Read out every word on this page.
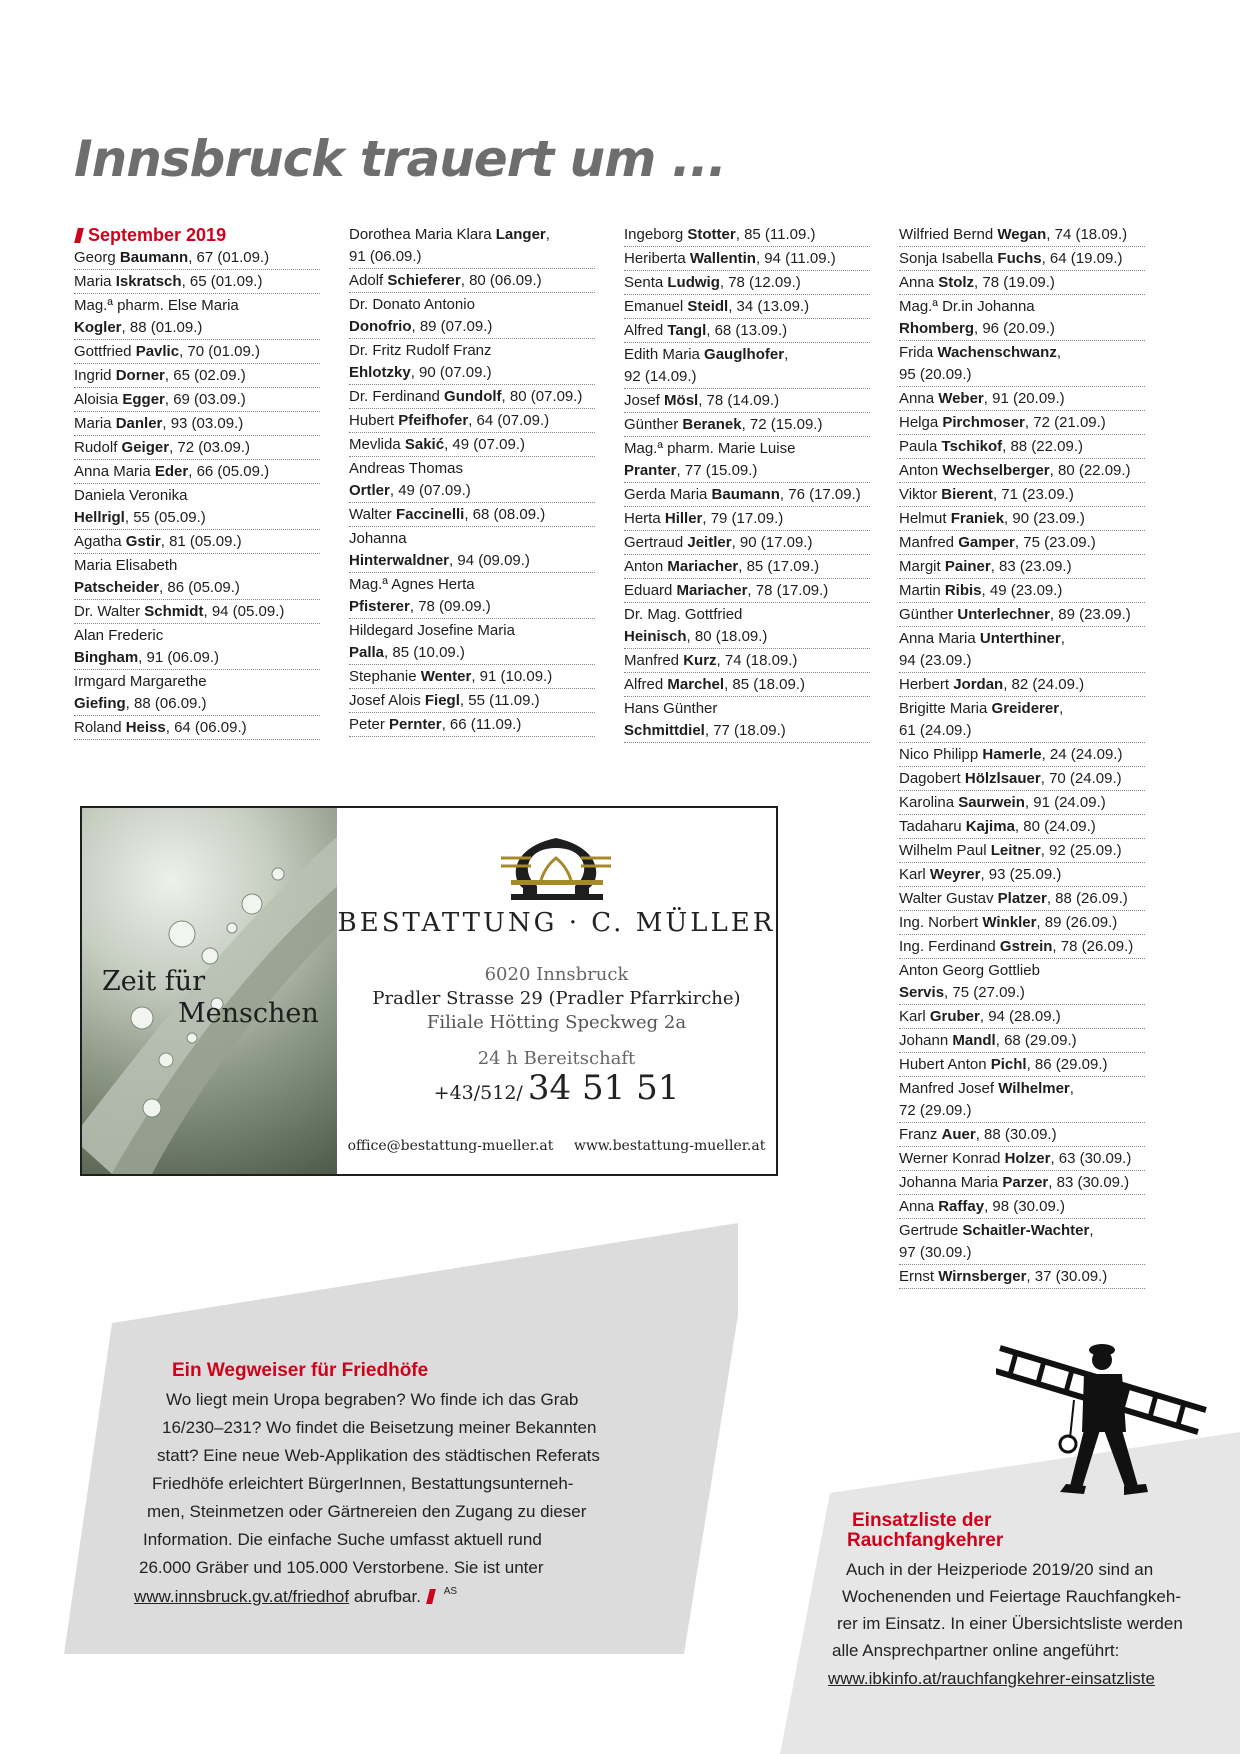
Innsbruck trauert um ...
September 2019
Georg Baumann, 67 (01.09.)
Maria Iskratsch, 65 (01.09.)
Mag.ª pharm. Else Maria
Kogler, 88 (01.09.)
Gottfried Pavlic, 70 (01.09.)
Ingrid Dorner, 65 (02.09.)
Aloisia Egger, 69 (03.09.)
Maria Danler, 93 (03.09.)
Rudolf Geiger, 72 (03.09.)
Anna Maria Eder, 66 (05.09.)
Daniela Veronika
Hellrigl, 55 (05.09.)
Agatha Gstir, 81 (05.09.)
Maria Elisabeth
Patscheider, 86 (05.09.)
Dr. Walter Schmidt, 94 (05.09.)
Alan Frederic
Bingham, 91 (06.09.)
Irmgard Margarethe
Giefing, 88 (06.09.)
Roland Heiss, 64 (06.09.)
Dorothea Maria Klara Langer,
91 (06.09.)
Adolf Schieferer, 80 (06.09.)
Dr. Donato Antonio
Donofrio, 89 (07.09.)
Dr. Fritz Rudolf Franz
Ehlotzky, 90 (07.09.)
Dr. Ferdinand Gundolf, 80 (07.09.)
Hubert Pfeifhofer, 64 (07.09.)
Mevlida Sakić, 49 (07.09.)
Andreas Thomas
Ortler, 49 (07.09.)
Walter Faccinelli, 68 (08.09.)
Johanna
Hinterwaldner, 94 (09.09.)
Mag.ª Agnes Herta
Pfisterer, 78 (09.09.)
Hildegard Josefine Maria
Palla, 85 (10.09.)
Stephanie Wenter, 91 (10.09.)
Josef Alois Fiegl, 55 (11.09.)
Peter Pernter, 66 (11.09.)
Ingeborg Stotter, 85 (11.09.)
Heriberta Wallentin, 94 (11.09.)
Senta Ludwig, 78 (12.09.)
Emanuel Steidl, 34 (13.09.)
Alfred Tangl, 68 (13.09.)
Edith Maria Gauglhofer,
92 (14.09.)
Josef Mösl, 78 (14.09.)
Günther Beranek, 72 (15.09.)
Mag.ª pharm. Marie Luise
Pranter, 77 (15.09.)
Gerda Maria Baumann, 76 (17.09.)
Herta Hiller, 79 (17.09.)
Gertraud Jeitler, 90 (17.09.)
Anton Mariacher, 85 (17.09.)
Eduard Mariacher, 78 (17.09.)
Dr. Mag. Gottfried
Heinisch, 80 (18.09.)
Manfred Kurz, 74 (18.09.)
Alfred Marchel, 85 (18.09.)
Hans Günther
Schmittdiel, 77 (18.09.)
Wilfried Bernd Wegan, 74 (18.09.)
Sonja Isabella Fuchs, 64 (19.09.)
Anna Stolz, 78 (19.09.)
Mag.ª Dr.in Johanna
Rhomberg, 96 (20.09.)
Frida Wachenschwanz,
95 (20.09.)
Anna Weber, 91 (20.09.)
Helga Pirchmoser, 72 (21.09.)
Paula Tschikof, 88 (22.09.)
Anton Wechselberger, 80 (22.09.)
Viktor Bierent, 71 (23.09.)
Helmut Franiek, 90 (23.09.)
Manfred Gamper, 75 (23.09.)
Margit Painer, 83 (23.09.)
Martin Ribis, 49 (23.09.)
Günther Unterlechner, 89 (23.09.)
Anna Maria Unterthiner,
94 (23.09.)
Herbert Jordan, 82 (24.09.)
Brigitte Maria Greiderer,
61 (24.09.)
Nico Philipp Hamerle, 24 (24.09.)
Dagobert Hölzlsauer, 70 (24.09.)
Karolina Saurwein, 91 (24.09.)
Tadaharu Kajima, 80 (24.09.)
Wilhelm Paul Leitner, 92 (25.09.)
Karl Weyrer, 93 (25.09.)
Walter Gustav Platzer, 88 (26.09.)
Ing. Norbert Winkler, 89 (26.09.)
Ing. Ferdinand Gstrein, 78 (26.09.)
Anton Georg Gottlieb
Servis, 75 (27.09.)
Karl Gruber, 94 (28.09.)
Johann Mandl, 68 (29.09.)
Hubert Anton Pichl, 86 (29.09.)
Manfred Josef Wilhelmer,
72 (29.09.)
Franz Auer, 88 (30.09.)
Werner Konrad Holzer, 63 (30.09.)
Johanna Maria Parzer, 83 (30.09.)
Anna Raffay, 98 (30.09.)
Gertrude Schaitler-Wachter,
97 (30.09.)
Ernst Wirnsberger, 37 (30.09.)
Zeit für
Menschen
BESTATTUNG · C. MÜLLER
6020 Innsbruck
Pradler Strasse 29 (Pradler Pfarrkirche)
Filiale Hötting Speckweg 2a
24 h Bereitschaft
+43/512/ 34 51 51
office@bestattung-mueller.at www.bestattung-mueller.at
Ein Wegweiser für Friedhöfe
Wo liegt mein Uropa begraben? Wo finde ich das Grab
16/230–231? Wo findet die Beisetzung meiner Bekannten
statt? Eine neue Web-Applikation des städtischen Referats
Friedhöfe erleichtert BürgerInnen, Bestattungsunterneh-
men, Steinmetzen oder Gärtnereien den Zugang zu dieser
Information. Die einfache Suche umfasst aktuell rund
26.000 Gräber und 105.000 Verstorbene. Sie ist unter
www.innsbruck.gv.at/friedhof abrufbar. $^{AS}$
Einsatzliste der
Rauchfangkehrer
Auch in der Heizperiode 2019/20 sind an
Wochenenden und Feiertage Rauchfangkeh-
rer im Einsatz. In einer Übersichtsliste werden
alle Ansprechpartner online angeführt:
www.ibkinfo.at/rauchfangkehrer-einsatzliste
